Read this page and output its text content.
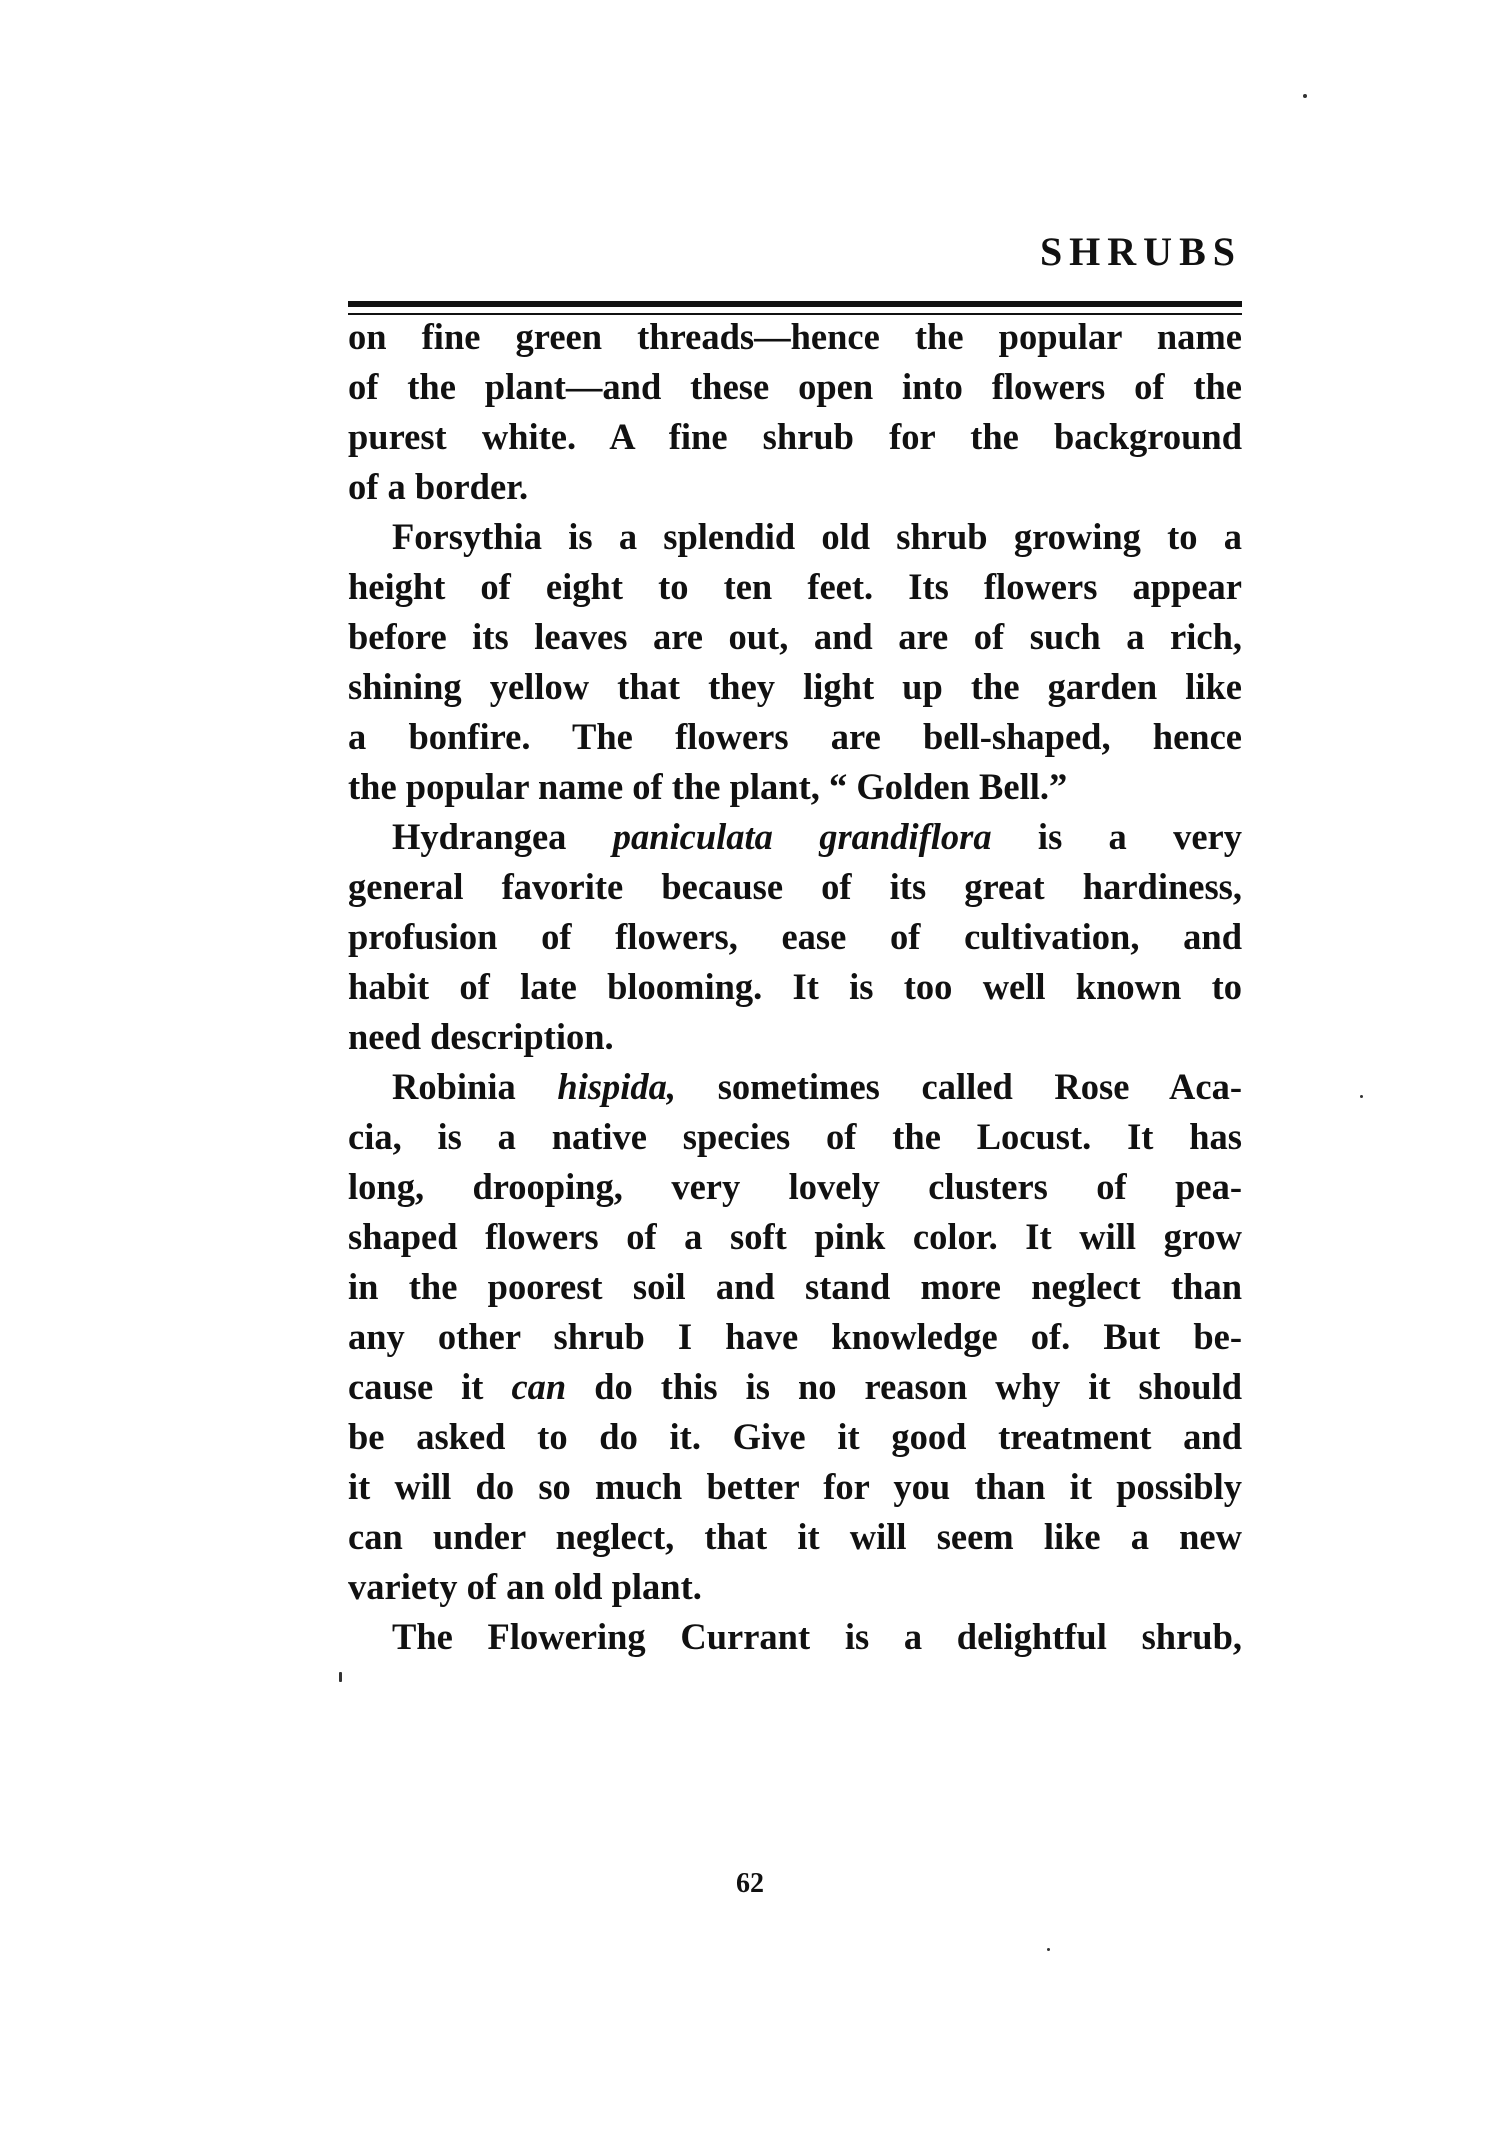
SHRUBS
on fine green threads—hence the popular name
of the plant—and these open into flowers of the
purest white. A fine shrub for the background
of a border.
Forsythia is a splendid old shrub growing to a
height of eight to ten feet. Its flowers appear
before its leaves are out, and are of such a rich,
shining yellow that they light up the garden like
a bonfire. The flowers are bell-shaped, hence
the popular name of the plant, “ Golden Bell.”
Hydrangea paniculata grandiflora is a very
general favorite because of its great hardiness,
profusion of flowers, ease of cultivation, and
habit of late blooming. It is too well known to
need description.
Robinia hispida, sometimes called Rose Aca-
cia, is a native species of the Locust. It has
long, drooping, very lovely clusters of pea-
shaped flowers of a soft pink color. It will grow
in the poorest soil and stand more neglect than
any other shrub I have knowledge of. But be-
cause it can do this is no reason why it should
be asked to do it. Give it good treatment and
it will do so much better for you than it possibly
can under neglect, that it will seem like a new
variety of an old plant.
The Flowering Currant is a delightful shrub,
62
